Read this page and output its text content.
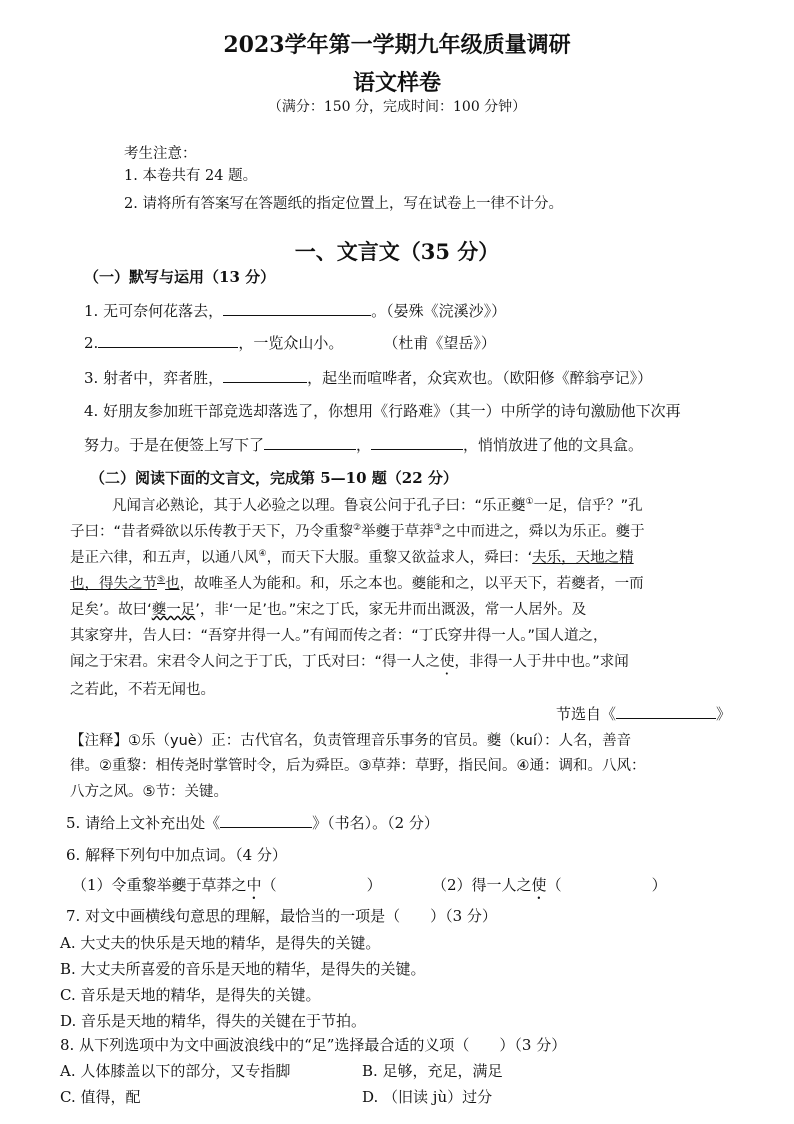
2023学年第一学期九年级质量调研
语文样卷
（满分：150 分，完成时间：100 分钟）
考生注意：
1. 本卷共有 24 题。
2. 请将所有答案写在答题纸的指定位置上，写在试卷上一律不计分。
一、文言文（35 分）
（一）默写与运用（13 分）
1. 无可奈何花落去，	。（晏殊《浣溪沙》）
2.	，一览众山小。	（杜甫《望岳》）
3. 射者中，弈者胜，	，起坐而喧哗者，众宾欢也。（欧阳修《醉翁亭记》）
4. 好朋友参加班干部竞选却落选了，你想用《行路难》（其一）中所学的诗句激励他下次再
努力。于是在便签上写下了	，	，悄悄放进了他的文具盒。
（二）阅读下面的文言文，完成第 5—10 题（22 分）
凡闻言必熟论，其于人必验之以理。鲁哀公问于孔子曰：“乐正夔①一足，信乎？”孔
子曰：“昔者舜欲以乐传教于天下，乃令重黎②举夔于草莽③之中而进之，舜以为乐正。夔于
是正六律，和五声，以通八风④，而天下大服。重黎又欲益求人，舜曰：‘夫乐，天地之精
也，得失之节⑤也，故唯圣人为能和。和，乐之本也。夔能和之，以平天下，若夔者，一而
足矣’。故曰‘夔一足’，非‘一足’也。”宋之丁氏，家无井而出溉汲，常一人居外。及
其家穿井，告人曰：“吾穿井得一人。”有闻而传之者：“丁氏穿井得一人。”国人道之，
闻之于宋君。宋君令人问之于丁氏，丁氏对曰：“得一人之使，非得一人于井中也。”求闻
之若此，不若无闻也。
节选自《	》
【注释】①乐（yuè）正：古代官名，负责管理音乐事务的官员。夔（kuí）：人名，善音
律。②重黎：相传尧时掌管时令，后为舜臣。③草莽：草野，指民间。④通：调和。八风：
八方之风。⑤节：关键。
5. 请给上文补充出处《	》（书名）。（2 分）
6. 解释下列句中加点词。（4 分）
（1）令重黎举夔于草莽之中（　　　　　　）	（2）得一人之使（　　　　　　）
7. 对文中画横线句意思的理解，最恰当的一项是（　　）（3 分）
A. 大丈夫的快乐是天地的精华，是得失的关键。
B. 大丈夫所喜爱的音乐是天地的精华，是得失的关键。
C. 音乐是天地的精华，是得失的关键。
D. 音乐是天地的精华，得失的关键在于节拍。
8. 从下列选项中为文中画波浪线中的“足”选择最合适的义项（　　）（3 分）
A. 人体膝盖以下的部分，又专指脚	B. 足够，充足，满足
C. 值得，配	D. （旧读 jù）过分
